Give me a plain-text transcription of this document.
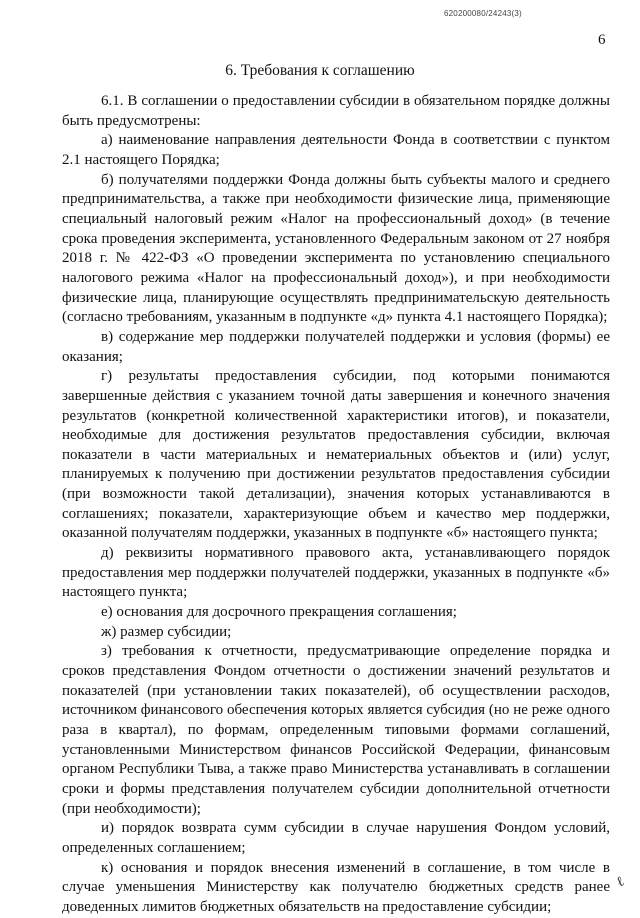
620200080/24243(3)
6
6. Требования к соглашению

6.1. В соглашении о предоставлении субсидии в обязательном порядке должны быть предусмотрены:

а) наименование направления деятельности Фонда в соответствии с пунктом 2.1 настоящего Порядка;

б) получателями поддержки Фонда должны быть субъекты малого и среднего предпринимательства, а также при необходимости физические лица, применяющие специальный налоговый режим «Налог на профессиональный доход» (в течение срока проведения эксперимента, установленного Федеральным законом от 27 ноября 2018 г. № 422-ФЗ «О проведении эксперимента по установлению специального налогового режима «Налог на профессиональный доход»), и при необходимости физические лица, планирующие осуществлять предпринимательскую деятельность (согласно требованиям, указанным в подпункте «д» пункта 4.1 настоящего Порядка);

в) содержание мер поддержки получателей поддержки и условия (формы) ее оказания;

г) результаты предоставления субсидии, под которыми понимаются завершенные действия с указанием точной даты завершения и конечного значения результатов (конкретной количественной характеристики итогов), и показатели, необходимые для достижения результатов предоставления субсидии, включая показатели в части материальных и нематериальных объектов и (или) услуг, планируемых к получению при достижении результатов предоставления субсидии (при возможности такой детализации), значения которых устанавливаются в соглашениях; показатели, характеризующие объем и качество мер поддержки, оказанной получателям поддержки, указанных в подпункте «б» настоящего пункта;

д) реквизиты нормативного правового акта, устанавливающего порядок предоставления мер поддержки получателей поддержки, указанных в подпункте «б» настоящего пункта;

е) основания для досрочного прекращения соглашения;

ж) размер субсидии;

з) требования к отчетности, предусматривающие определение порядка и сроков представления Фондом отчетности о достижении значений результатов и показателей (при установлении таких показателей), об осуществлении расходов, источником финансового обеспечения которых является субсидия (но не реже одного раза в квартал), по формам, определенным типовыми формами соглашений, установленными Министерством финансов Российской Федерации, финансовым органом Республики Тыва, а также право Министерства устанавливать в соглашении сроки и формы представления получателем субсидии дополнительной отчетности (при необходимости);

и) порядок возврата сумм субсидии в случае нарушения Фондом условий, определенных соглашением;

к) основания и порядок внесения изменений в соглашение, в том числе в случае уменьшения Министерству как получателю бюджетных средств ранее доведенных лимитов бюджетных обязательств на предоставление субсидии;

ℓ
